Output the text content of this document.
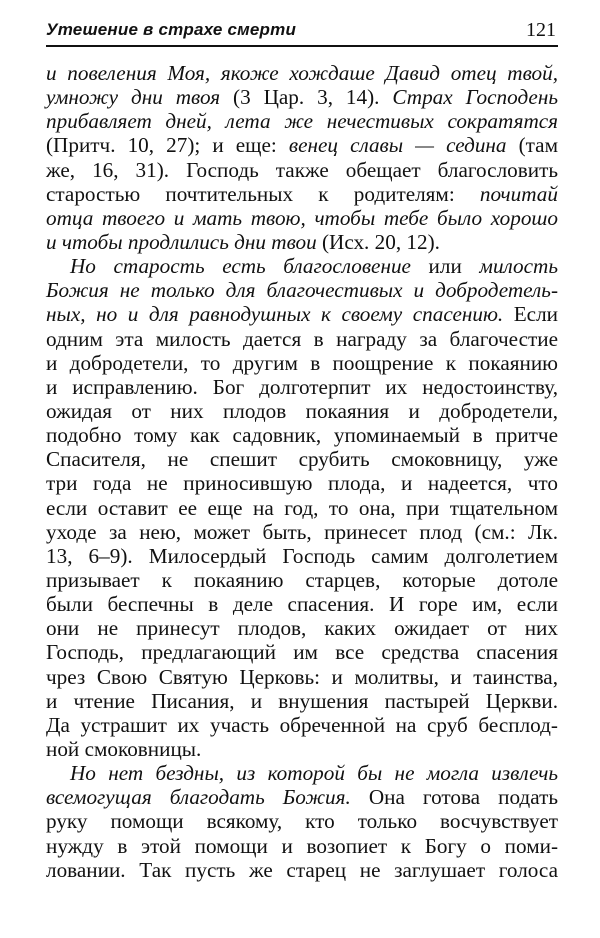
Утешение в страхе смерти	121
и повеления Моя, якоже хождаше Давид отец твой,
умножу дни твоя (3 Цар. 3, 14). Страх Господень
прибавляет дней, лета же нечестивых сократятся
(Притч. 10, 27); и еще: венец славы — седина (там
же, 16, 31). Господь также обещает благословить
старостью почтительных к родителям: почитай
отца твоего и мать твою, чтобы тебе было хорошо
и чтобы продлились дни твои (Исх. 20, 12).
Но старость есть благословение или милость
Божия не только для благочестивых и добродетель-
ных, но и для равнодушных к своему спасению. Если
одним эта милость дается в награду за благочестие
и добродетели, то другим в поощрение к покаянию
и исправлению. Бог долготерпит их недостоинству,
ожидая от них плодов покаяния и добродетели,
подобно тому как садовник, упоминаемый в притче
Спасителя, не спешит срубить смоковницу, уже
три года не приносившую плода, и надеется, что
если оставит ее еще на год, то она, при тщательном
уходе за нею, может быть, принесет плод (см.: Лк.
13, 6–9). Милосердый Господь самим долголетием
призывает к покаянию старцев, которые дотоле
были беспечны в деле спасения. И горе им, если
они не принесут плодов, каких ожидает от них
Господь, предлагающий им все средства спасения
чрез Свою Святую Церковь: и молитвы, и таинства,
и чтение Писания, и внушения пастырей Церкви.
Да устрашит их участь обреченной на сруб бесплод-
ной смоковницы.
Но нет бездны, из которой бы не могла извлечь
всемогущая благодать Божия. Она готова подать
руку помощи всякому, кто только восчувствует
нужду в этой помощи и возопиет к Богу о поми-
ловании. Так пусть же старец не заглушает голоса
